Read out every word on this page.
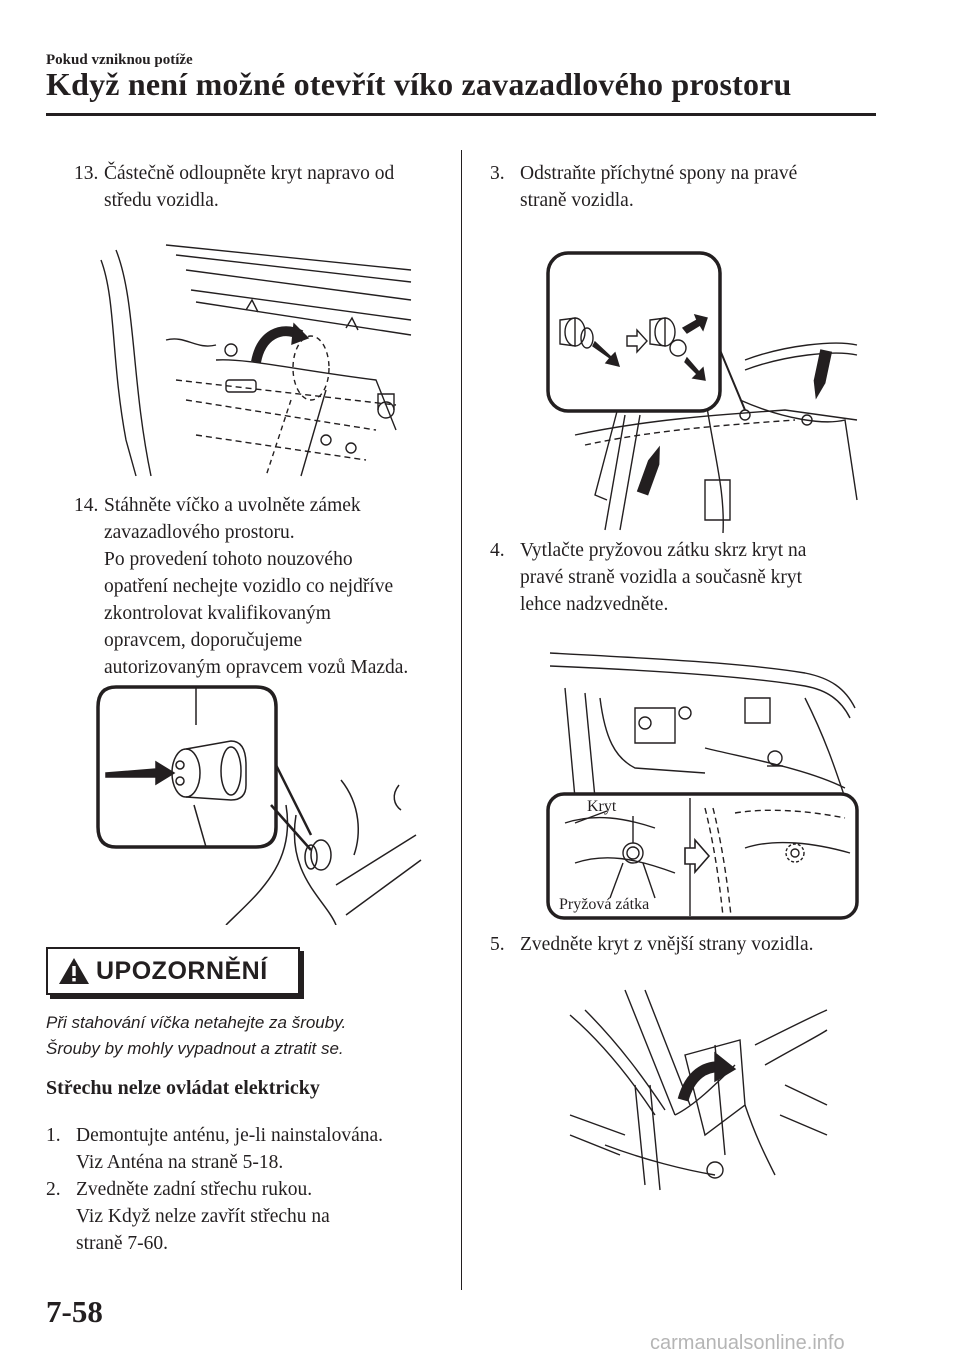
Pokud vzniknou potíže
Když není možné otevřít víko zavazadlového prostoru
13. Částečně odloupněte kryt napravo od
středu vozidla.
14. Stáhněte víčko a uvolněte zámek
zavazadlového prostoru.
Po provedení tohoto nouzového
opatření nechejte vozidlo co nejdříve
zkontrolovat kvalifikovaným
opravcem, doporučujeme
autorizovaným opravcem vozů Mazda.
UPOZORNĚNÍ
Při stahování víčka netahejte za šrouby.
Šrouby by mohly vypadnout a ztratit se.
Střechu nelze ovládat elektricky
1. Demontujte anténu, je-li nainstalována.
Viz Anténa na straně 5-18.
2. Zvedněte zadní střechu rukou.
Viz Když nelze zavřít střechu na
straně 7-60.
3. Odstraňte příchytné spony na pravé
straně vozidla.
4. Vytlačte pryžovou zátku skrz kryt na
pravé straně vozidla a současně kryt
lehce nadzvedněte.
Kryt
Pryžová zátka
5. Zvedněte kryt z vnější strany vozidla.
7-58
carmanualsonline.info
